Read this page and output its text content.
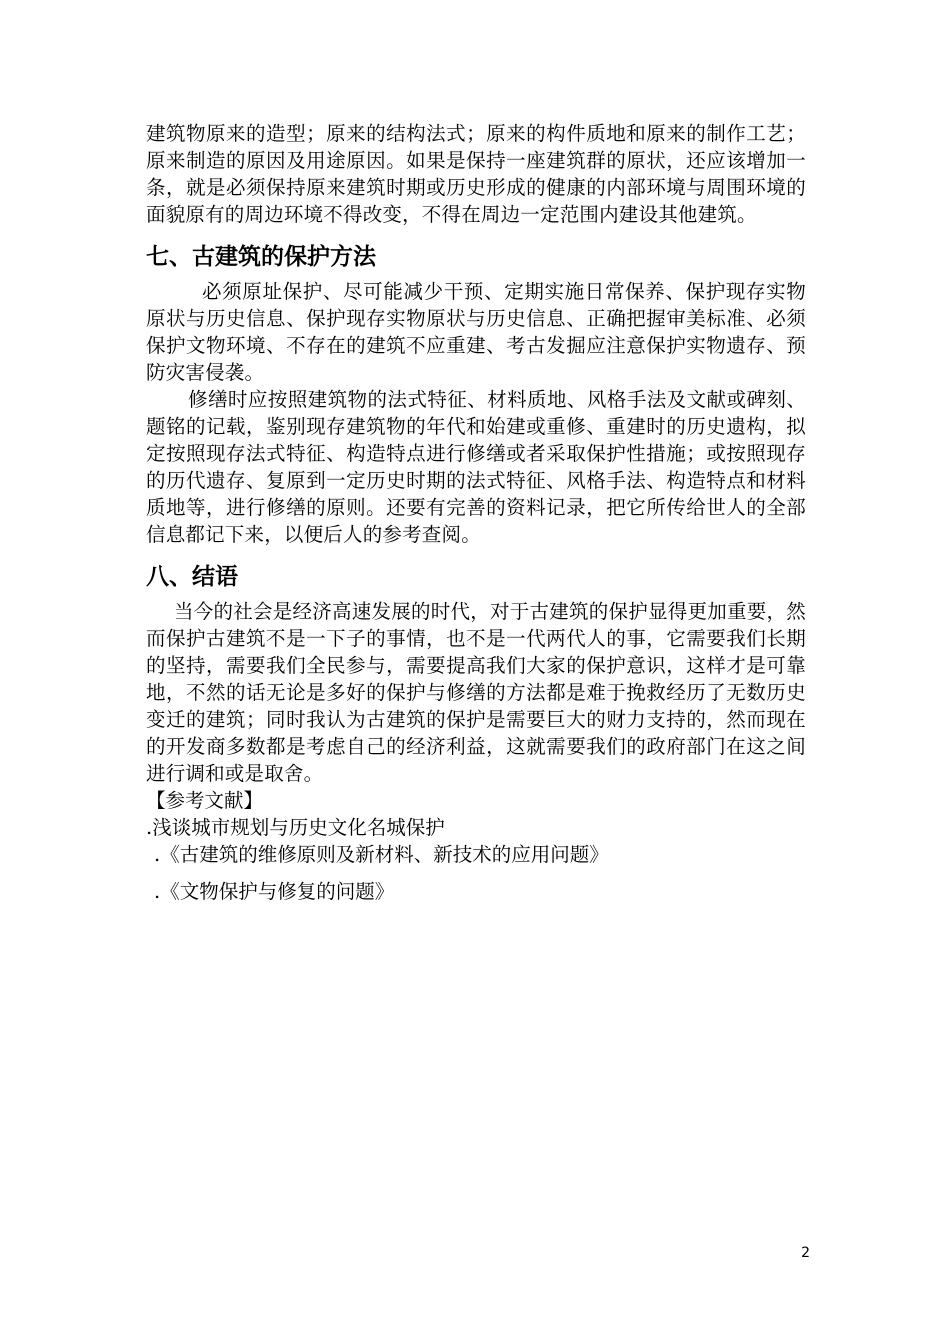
建筑物原来的造型；原来的结构法式；原来的构件质地和原来的制作工艺；原来制造的原因及用途原因。如果是保持一座建筑群的原状，还应该增加一条，就是必须保持原来建筑时期或历史形成的健康的内部环境与周围环境的面貌原有的周边环境不得改变，不得在周边一定范围内建设其他建筑。

七、古建筑的保护方法

必须原址保护、尽可能减少干预、定期实施日常保养、保护现存实物原状与历史信息、保护现存实物原状与历史信息、正确把握审美标准、必须保护文物环境、不存在的建筑不应重建、考古发掘应注意保护实物遗存、预防灾害侵袭。

修缮时应按照建筑物的法式特征、材料质地、风格手法及文献或碑刻、题铭的记载，鉴别现存建筑物的年代和始建或重修、重建时的历史遗构，拟定按照现存法式特征、构造特点进行修缮或者采取保护性措施；或按照现存的历代遗存、复原到一定历史时期的法式特征、风格手法、构造特点和材料质地等，进行修缮的原则。还要有完善的资料记录，把它所传给世人的全部信息都记下来，以便后人的参考查阅。

八、结语

当今的社会是经济高速发展的时代，对于古建筑的保护显得更加重要，然而保护古建筑不是一下子的事情，也不是一代两代人的事，它需要我们长期的坚持，需要我们全民参与，需要提高我们大家的保护意识，这样才是可靠地，不然的话无论是多好的保护与修缮的方法都是难于挽救经历了无数历史变迁的建筑；同时我认为古建筑的保护是需要巨大的财力支持的，然而现在的开发商多数都是考虑自己的经济利益，这就需要我们的政府部门在这之间进行调和或是取舍。

【参考文献】

.浅谈城市规划与历史文化名城保护

.《古建筑的维修原则及新材料、新技术的应用问题》

.《文物保护与修复的问题》

2
